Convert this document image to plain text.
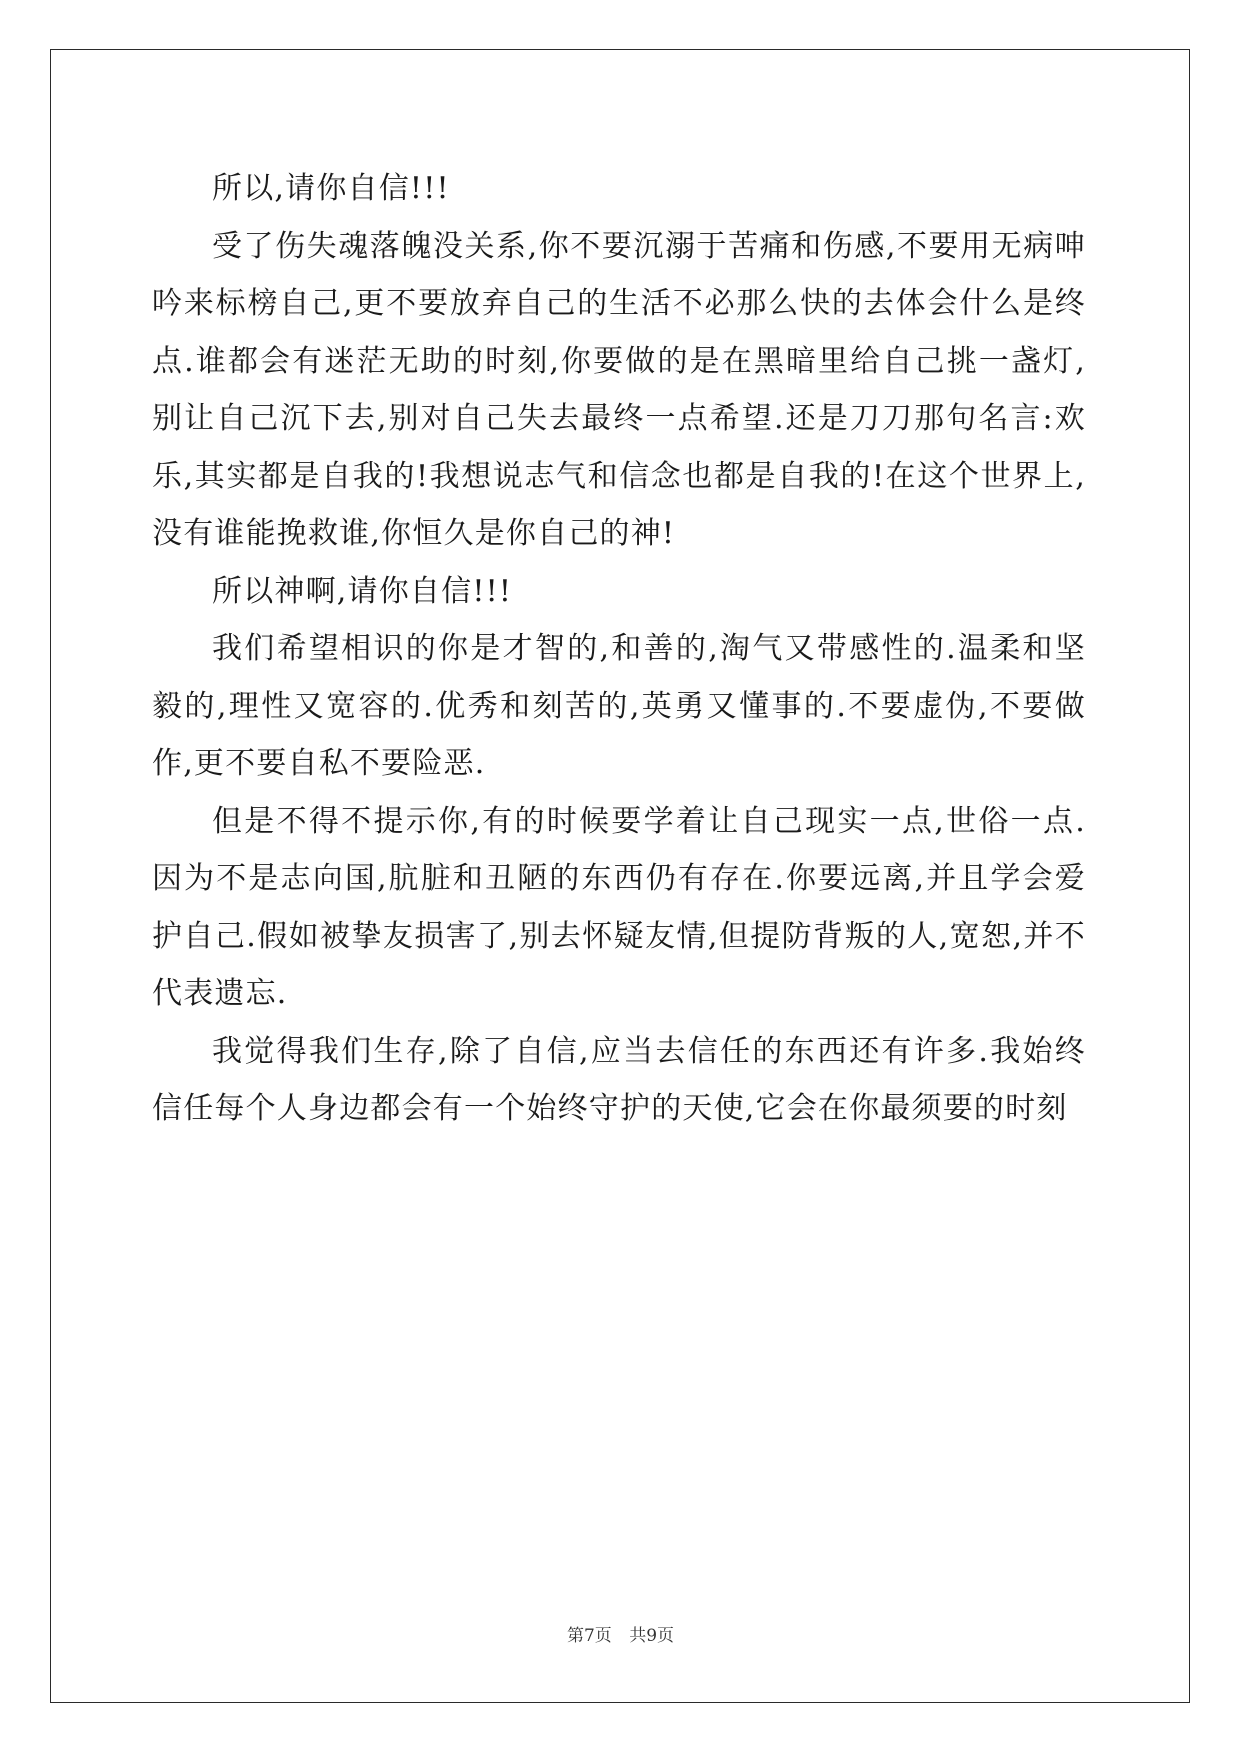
所以,请你自信!!!

受了伤失魂落魄没关系,你不要沉溺于苦痛和伤感,不要用无病呻吟来标榜自己,更不要放弃自己的生活不必那么快的去体会什么是终点.谁都会有迷茫无助的时刻,你要做的是在黑暗里给自己挑一盏灯,别让自己沉下去,别对自己失去最终一点希望.还是刀刀那句名言:欢乐,其实都是自我的!我想说志气和信念也都是自我的!在这个世界上,没有谁能挽救谁,你恒久是你自己的神!

所以神啊,请你自信!!!

我们希望相识的你是才智的,和善的,淘气又带感性的.温柔和坚毅的,理性又宽容的.优秀和刻苦的,英勇又懂事的.不要虚伪,不要做作,更不要自私不要险恶.

但是不得不提示你,有的时候要学着让自己现实一点,世俗一点.因为不是志向国,肮脏和丑陋的东西仍有存在.你要远离,并且学会爱护自己.假如被挚友损害了,别去怀疑友情,但提防背叛的人,宽恕,并不代表遗忘.

我觉得我们生存,除了自信,应当去信任的东西还有许多.我始终信任每个人身边都会有一个始终守护的天使,它会在你最须要的时刻

第7页 共9页
